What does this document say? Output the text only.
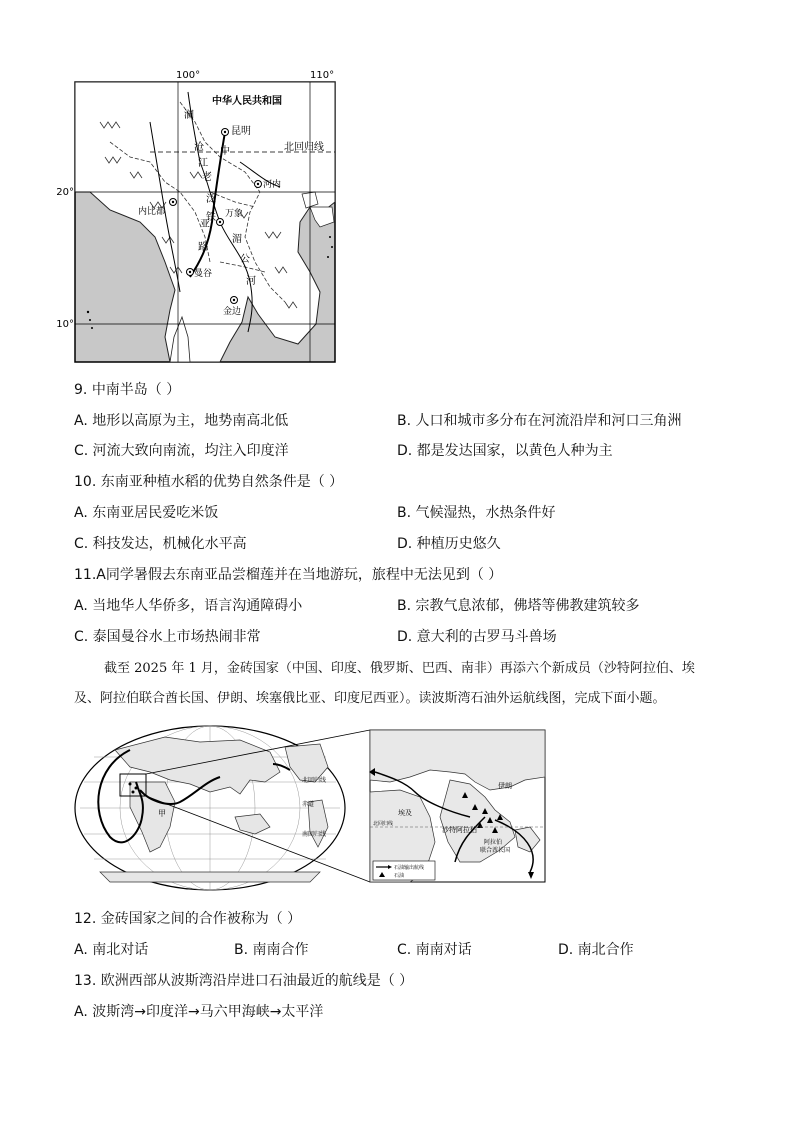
100°	110°
20°
10°
中华人民共和国
北回归线
昆明
河内
内比都	万象
曼谷
金边
泛
亚
铁
路
中
湄
公
河
澜
沧
江
老
9. 中南半岛（ ）
A. 地形以高原为主，地势南高北低	B. 人口和城市多分布在河流沿岸和河口三角洲
C. 河流大致向南流，均注入印度洋	D. 都是发达国家，以黄色人种为主
10. 东南亚种植水稻的优势自然条件是（ ）
A. 东南亚居民爱吃米饭	B. 气候湿热，水热条件好
C. 科技发达，机械化水平高	D. 种植历史悠久
11.A同学暑假去东南亚品尝榴莲并在当地游玩，旅程中无法见到（ ）
A. 当地华人华侨多，语言沟通障碍小	B. 宗教气息浓郁，佛塔等佛教建筑较多
C. 泰国曼谷水上市场热闹非常	D. 意大利的古罗马斗兽场
截至 2025 年 1 月，金砖国家（中国、印度、俄罗斯、巴西、南非）再添六个新成员（沙特阿拉伯、埃
及、阿拉伯联合酋长国、伊朗、埃塞俄比亚、印度尼西亚）。读波斯湾石油外运航线图，完成下面小题。
北回归线
南回归线
赤道
甲
伊朗
埃及
沙特阿拉伯
阿拉伯
联合酋长国
北回归线
石油输出航线
石油
12. 金砖国家之间的合作被称为（ ）
A. 南北对话	B. 南南合作	C. 南南对话	D. 南北合作
13. 欧洲西部从波斯湾沿岸进口石油最近的航线是（ ）
A. 波斯湾→印度洋→马六甲海峡→太平洋
